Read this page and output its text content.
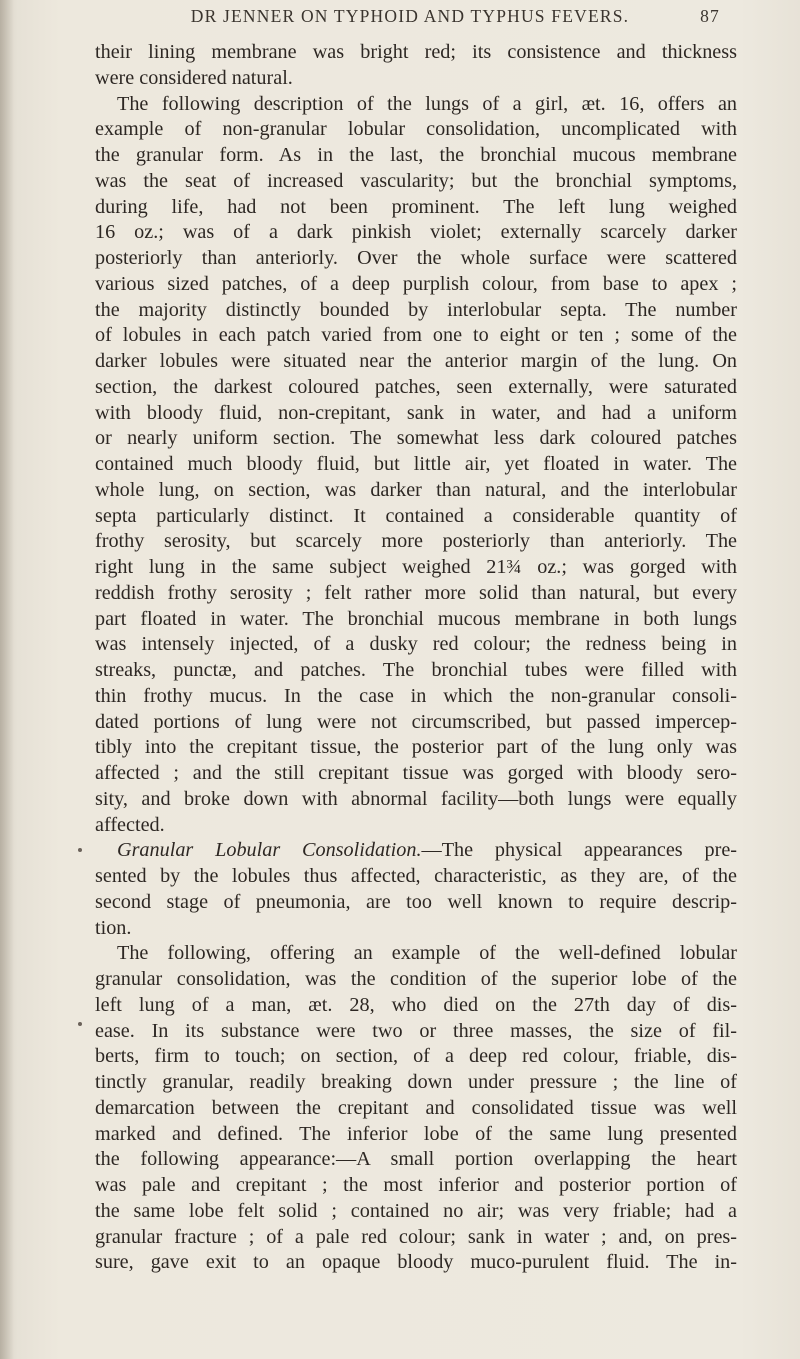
DR JENNER ON TYPHOID AND TYPHUS FEVERS.	87
their lining membrane was bright red; its consistence and thickness
were considered natural.
The following description of the lungs of a girl, æt. 16, offers an
example of non-granular lobular consolidation, uncomplicated with
the granular form. As in the last, the bronchial mucous membrane
was the seat of increased vascularity; but the bronchial symptoms,
during life, had not been prominent. The left lung weighed
16 oz.; was of a dark pinkish violet; externally scarcely darker
posteriorly than anteriorly. Over the whole surface were scattered
various sized patches, of a deep purplish colour, from base to apex ;
the majority distinctly bounded by interlobular septa. The number
of lobules in each patch varied from one to eight or ten ; some of the
darker lobules were situated near the anterior margin of the lung. On
section, the darkest coloured patches, seen externally, were saturated
with bloody fluid, non-crepitant, sank in water, and had a uniform
or nearly uniform section. The somewhat less dark coloured patches
contained much bloody fluid, but little air, yet floated in water. The
whole lung, on section, was darker than natural, and the interlobular
septa particularly distinct. It contained a considerable quantity of
frothy serosity, but scarcely more posteriorly than anteriorly. The
right lung in the same subject weighed 21¾ oz.; was gorged with
reddish frothy serosity ; felt rather more solid than natural, but every
part floated in water. The bronchial mucous membrane in both lungs
was intensely injected, of a dusky red colour; the redness being in
streaks, punctæ, and patches. The bronchial tubes were filled with
thin frothy mucus. In the case in which the non-granular consoli-
dated portions of lung were not circumscribed, but passed impercep-
tibly into the crepitant tissue, the posterior part of the lung only was
affected ; and the still crepitant tissue was gorged with bloody sero-
sity, and broke down with abnormal facility—both lungs were equally
affected.
Granular Lobular Consolidation.—The physical appearances pre-
sented by the lobules thus affected, characteristic, as they are, of the
second stage of pneumonia, are too well known to require descrip-
tion.
The following, offering an example of the well-defined lobular
granular consolidation, was the condition of the superior lobe of the
left lung of a man, æt. 28, who died on the 27th day of dis-
ease. In its substance were two or three masses, the size of fil-
berts, firm to touch; on section, of a deep red colour, friable, dis-
tinctly granular, readily breaking down under pressure ; the line of
demarcation between the crepitant and consolidated tissue was well
marked and defined. The inferior lobe of the same lung presented
the following appearance:—A small portion overlapping the heart
was pale and crepitant ; the most inferior and posterior portion of
the same lobe felt solid ; contained no air; was very friable; had a
granular fracture ; of a pale red colour; sank in water ; and, on pres-
sure, gave exit to an opaque bloody muco-purulent fluid. The in-
